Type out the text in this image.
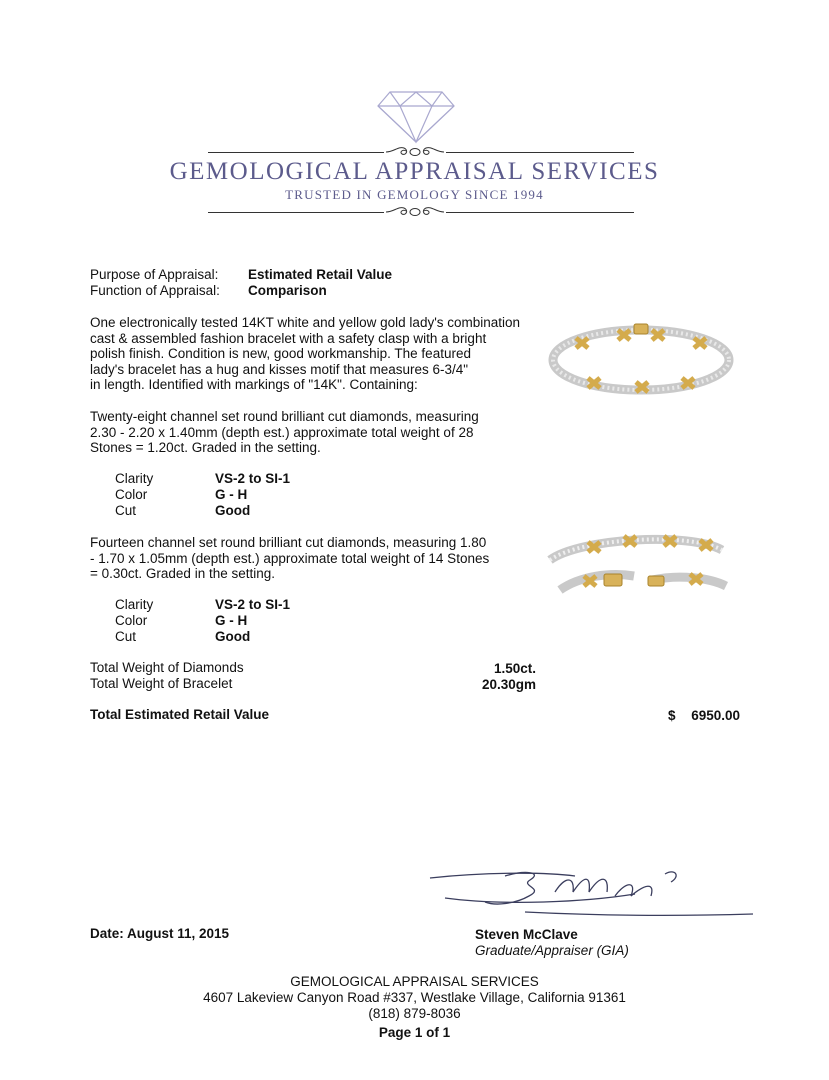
GEMOLOGICAL APPRAISAL SERVICES
TRUSTED IN GEMOLOGY SINCE 1994
Purpose of Appraisal: Estimated Retail Value
Function of Appraisal: Comparison
One electronically tested 14KT white and yellow gold lady's combination
cast & assembled fashion bracelet with a safety clasp with a bright
polish finish. Condition is new, good workmanship. The featured
lady's bracelet has a hug and kisses motif that measures 6-3/4"
in length. Identified with markings of "14K". Containing:
Twenty-eight channel set round brilliant cut diamonds, measuring
2.30 - 2.20 x 1.40mm (depth est.) approximate total weight of 28
Stones = 1.20ct. Graded in the setting.
Clarity	VS-2 to SI-1
Color	G - H
Cut	Good
Fourteen channel set round brilliant cut diamonds, measuring 1.80
- 1.70 x 1.05mm (depth est.) approximate total weight of 14 Stones
= 0.30ct. Graded in the setting.
Clarity	VS-2 to SI-1
Color	G - H
Cut	Good
Total Weight of Diamonds	1.50ct.
Total Weight of Bracelet	20.30gm
Total Estimated Retail Value	$	6950.00
Date: August 11, 2015	Steven McClave
Graduate/Appraiser (GIA)
GEMOLOGICAL APPRAISAL SERVICES
4607 Lakeview Canyon Road #337, Westlake Village, California 91361
(818) 879-8036
Page 1 of 1
